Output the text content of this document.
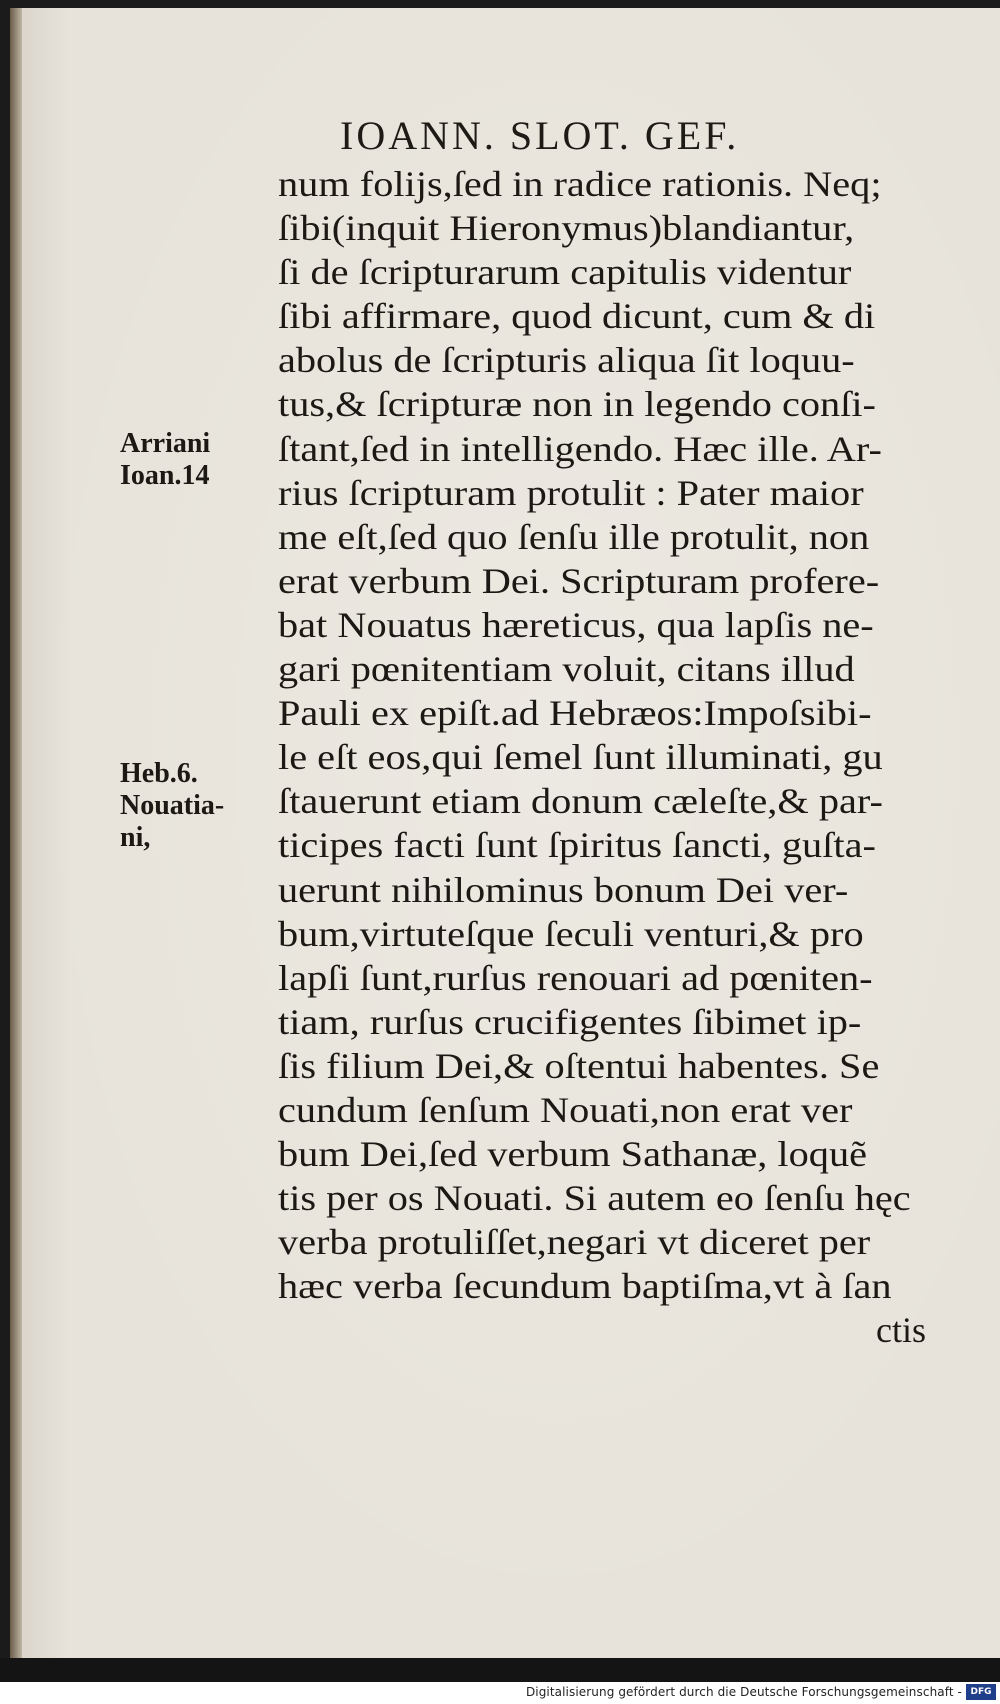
IOANN. SLOT. GEF.
Arriani
Ioan.14
Heb.6.
Nouatia-
ni,
num folijs,ſed in radice rationis. Neq;
ſibi(inquit Hieronymus)blandiantur,
ſi de ſcripturarum capitulis videntur
ſibi affirmare, quod dicunt, cum & di
abolus de ſcripturis aliqua ſit loquu-
tus,& ſcripturæ non in legendo conſi-
ſtant,ſed in intelligendo. Hæc ille. Ar-
rius ſcripturam protulit : Pater maior
me eſt,ſed quo ſenſu ille protulit, non
erat verbum Dei. Scripturam profere-
bat Nouatus hæreticus, qua lapſis ne-
gari pœnitentiam voluit, citans illud
Pauli ex epiſt.ad Hebræos:Impoſsibi-
le eſt eos,qui ſemel ſunt illuminati, gu
ſtauerunt etiam donum cæleſte,& par-
ticipes facti ſunt ſpiritus ſancti, guſta-
uerunt nihilominus bonum Dei ver-
bum,virtuteſque ſeculi venturi,& pro
lapſi ſunt,rurſus renouari ad pœniten-
tiam, rurſus crucifigentes ſibimet ip-
ſis filium Dei,& oſtentui habentes. Se
cundum ſenſum Nouati,non erat ver
bum Dei,ſed verbum Sathanæ, loquẽ
tis per os Nouati. Si autem eo ſenſu hęc
verba protuliſſet,negari vt diceret per
hæc verba ſecundum baptiſma,vt à ſan
ctis
Digitalisierung gefördert durch die Deutsche Forschungsgemeinschaft - DFG
